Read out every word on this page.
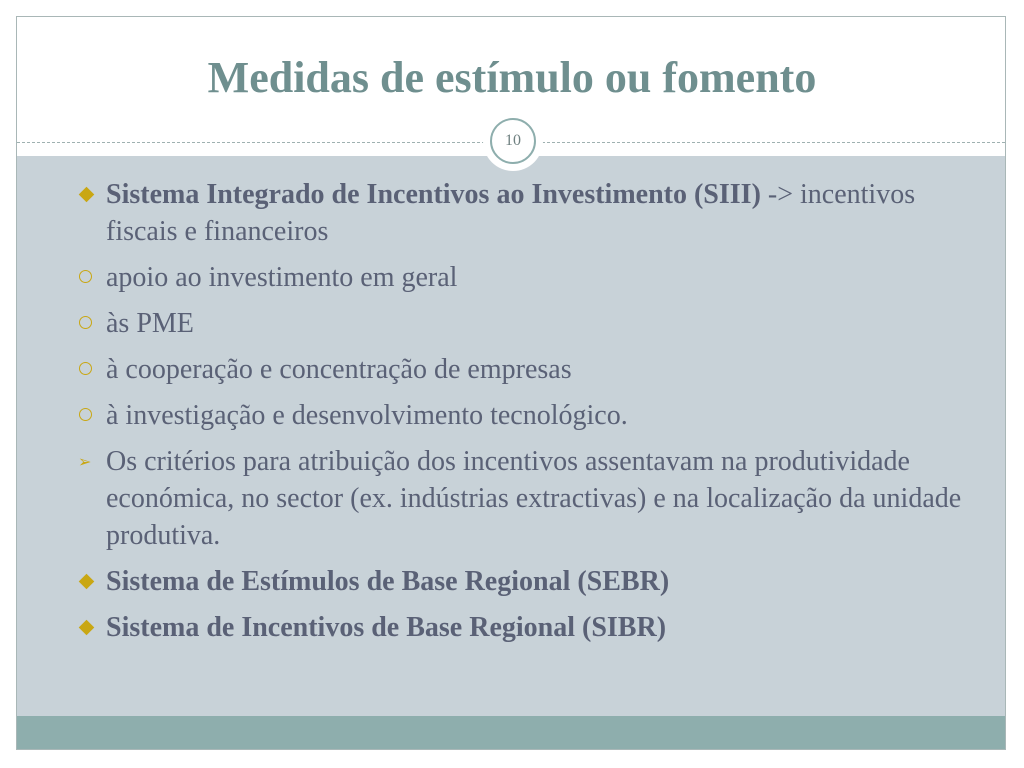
Medidas de estímulo ou fomento
10
Sistema Integrado de Incentivos ao Investimento (SIII) -> incentivos fiscais e financeiros
apoio ao investimento em geral
às PME
à cooperação e concentração de empresas
à investigação e desenvolvimento tecnológico.
➢ Os critérios para atribuição dos incentivos assentavam na produtividade económica, no sector (ex. indústrias extractivas) e na localização da unidade produtiva.
Sistema de Estímulos de Base Regional (SEBR)
Sistema de Incentivos de Base Regional (SIBR)
